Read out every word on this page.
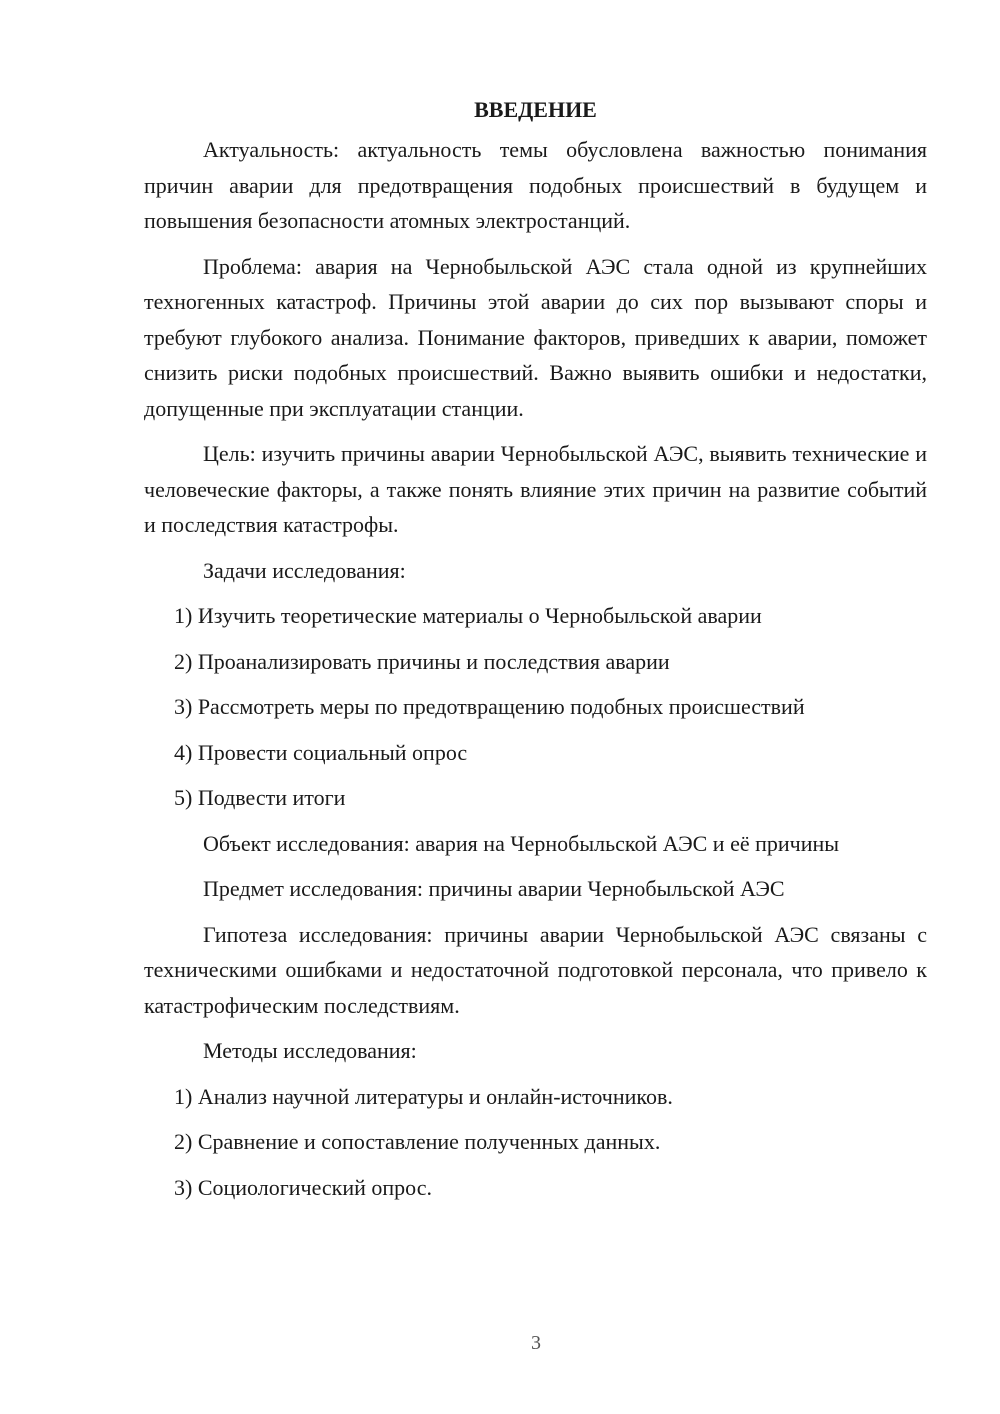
ВВЕДЕНИЕ

Актуальность: актуальность темы обусловлена важностью понимания причин аварии для предотвращения подобных происшествий в будущем и повышения безопасности атомных электростанций.

Проблема: авария на Чернобыльской АЭС стала одной из крупнейших техногенных катастроф. Причины этой аварии до сих пор вызывают споры и требуют глубокого анализа. Понимание факторов, приведших к аварии, поможет снизить риски подобных происшествий. Важно выявить ошибки и недостатки, допущенные при эксплуатации станции.

Цель: изучить причины аварии Чернобыльской АЭС, выявить технические и человеческие факторы, а также понять влияние этих причин на развитие событий и последствия катастрофы.

Задачи исследования:
1) Изучить теоретические материалы о Чернобыльской аварии
2) Проанализировать причины и последствия аварии
3) Рассмотреть меры по предотвращению подобных происшествий
4) Провести социальный опрос
5) Подвести итоги
Объект исследования: авария на Чернобыльской АЭС и её причины
Предмет исследования: причины аварии Чернобыльской АЭС

Гипотеза исследования: причины аварии Чернобыльской АЭС связаны с техническими ошибками и недостаточной подготовкой персонала, что привело к катастрофическим последствиям.

Методы исследования:
1) Анализ научной литературы и онлайн-источников.
2) Сравнение и сопоставление полученных данных.
3) Социологический опрос.
3
